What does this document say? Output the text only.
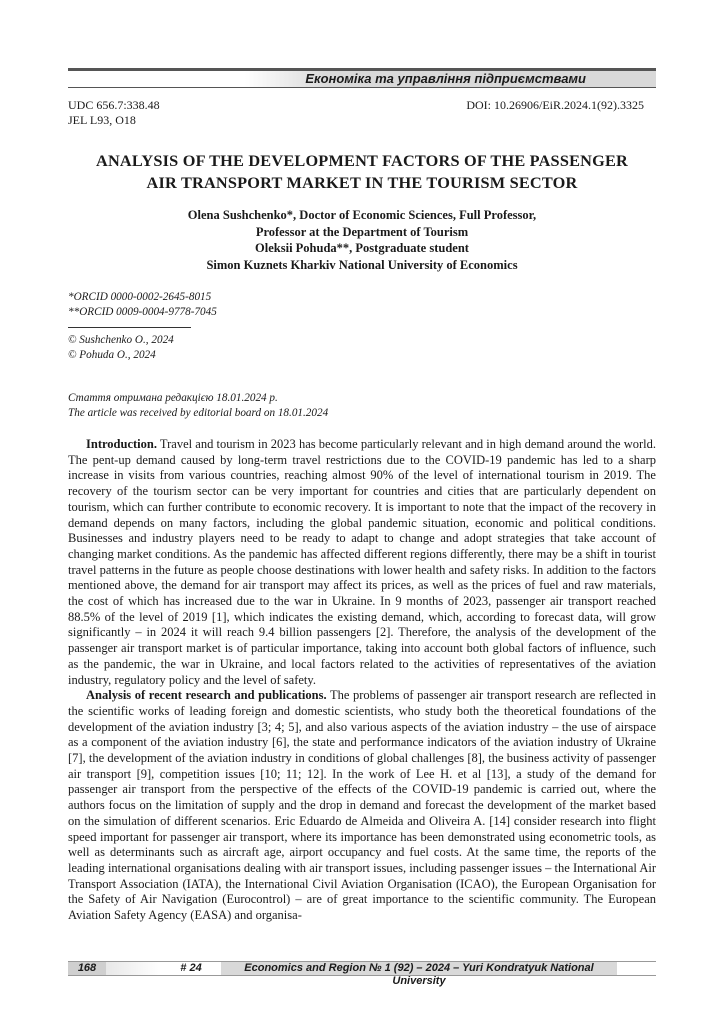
Економіка та управління підприємствами
UDC 656.7:338.48
JEL L93, O18
DOI: 10.26906/EiR.2024.1(92).3325
ANALYSIS OF THE DEVELOPMENT FACTORS OF THE PASSENGER
AIR TRANSPORT MARKET IN THE TOURISM SECTOR
Olena Sushchenko*, Doctor of Economic Sciences, Full Professor,
Professor at the Department of Tourism
Oleksii Pohuda**, Postgraduate student
Simon Kuznets Kharkiv National University of Economics
*ORCID 0000-0002-2645-8015
**ORCID 0009-0004-9778-7045
© Sushchenko O., 2024
© Pohuda O., 2024
Стаття отримана редакцією 18.01.2024 р.
The article was received by editorial board on 18.01.2024

Introduction. Travel and tourism in 2023 has become particularly relevant and in high demand around the world. The pent-up demand caused by long-term travel restrictions due to the COVID-19 pandemic has led to a sharp increase in visits from various countries, reaching almost 90% of the level of international tourism in 2019. The recovery of the tourism sector can be very important for countries and cities that are particularly dependent on tourism, which can further contribute to economic recovery. It is important to note that the impact of the recovery in demand depends on many factors, including the global pandemic situation, economic and political conditions. Businesses and industry players need to be ready to adapt to change and adopt strategies that take account of changing market conditions. As the pandemic has affected different regions differently, there may be a shift in tourist travel patterns in the future as people choose destinations with lower health and safety risks. In addition to the factors mentioned above, the demand for air transport may affect its prices, as well as the prices of fuel and raw materials, the cost of which has increased due to the war in Ukraine. In 9 months of 2023, passenger air transport reached 88.5% of the level of 2019 [1], which indicates the existing demand, which, according to forecast data, will grow significantly – in 2024 it will reach 9.4 billion passengers [2]. Therefore, the analysis of the development of the passenger air transport market is of particular importance, taking into account both global factors of influence, such as the pandemic, the war in Ukraine, and local factors related to the activities of representatives of the aviation industry, regulatory policy and the level of safety.

Analysis of recent research and publications. The problems of passenger air transport research are reflected in the scientific works of leading foreign and domestic scientists, who study both the theoretical foundations of the development of the aviation industry [3; 4; 5], and also various aspects of the aviation industry – the use of airspace as a component of the aviation industry [6], the state and performance indicators of the aviation industry of Ukraine [7], the development of the aviation industry in conditions of global challenges [8], the business activity of passenger air transport [9], competition issues [10; 11; 12]. In the work of Lee H. et al [13], a study of the demand for passenger air transport from the perspective of the effects of the COVID-19 pandemic is carried out, where the authors focus on the limitation of supply and the drop in demand and forecast the development of the market based on the simulation of different scenarios. Eric Eduardo de Almeida and Oliveira A. [14] consider research into flight speed important for passenger air transport, where its importance has been demonstrated using econometric tools, as well as determinants such as aircraft age, airport occupancy and fuel costs. At the same time, the reports of the leading international organisations dealing with air transport issues, including passenger issues – the International Air Transport Association (IATA), the International Civil Aviation Organisation (ICAO), the European Organisation for the Safety of Air Navigation (Eurocontrol) – are of great importance to the scientific community. The European Aviation Safety Agency (EASA) and organisa-

168	# 24	Economics and Region № 1 (92) – 2024 – Yuri Kondratyuk National University
